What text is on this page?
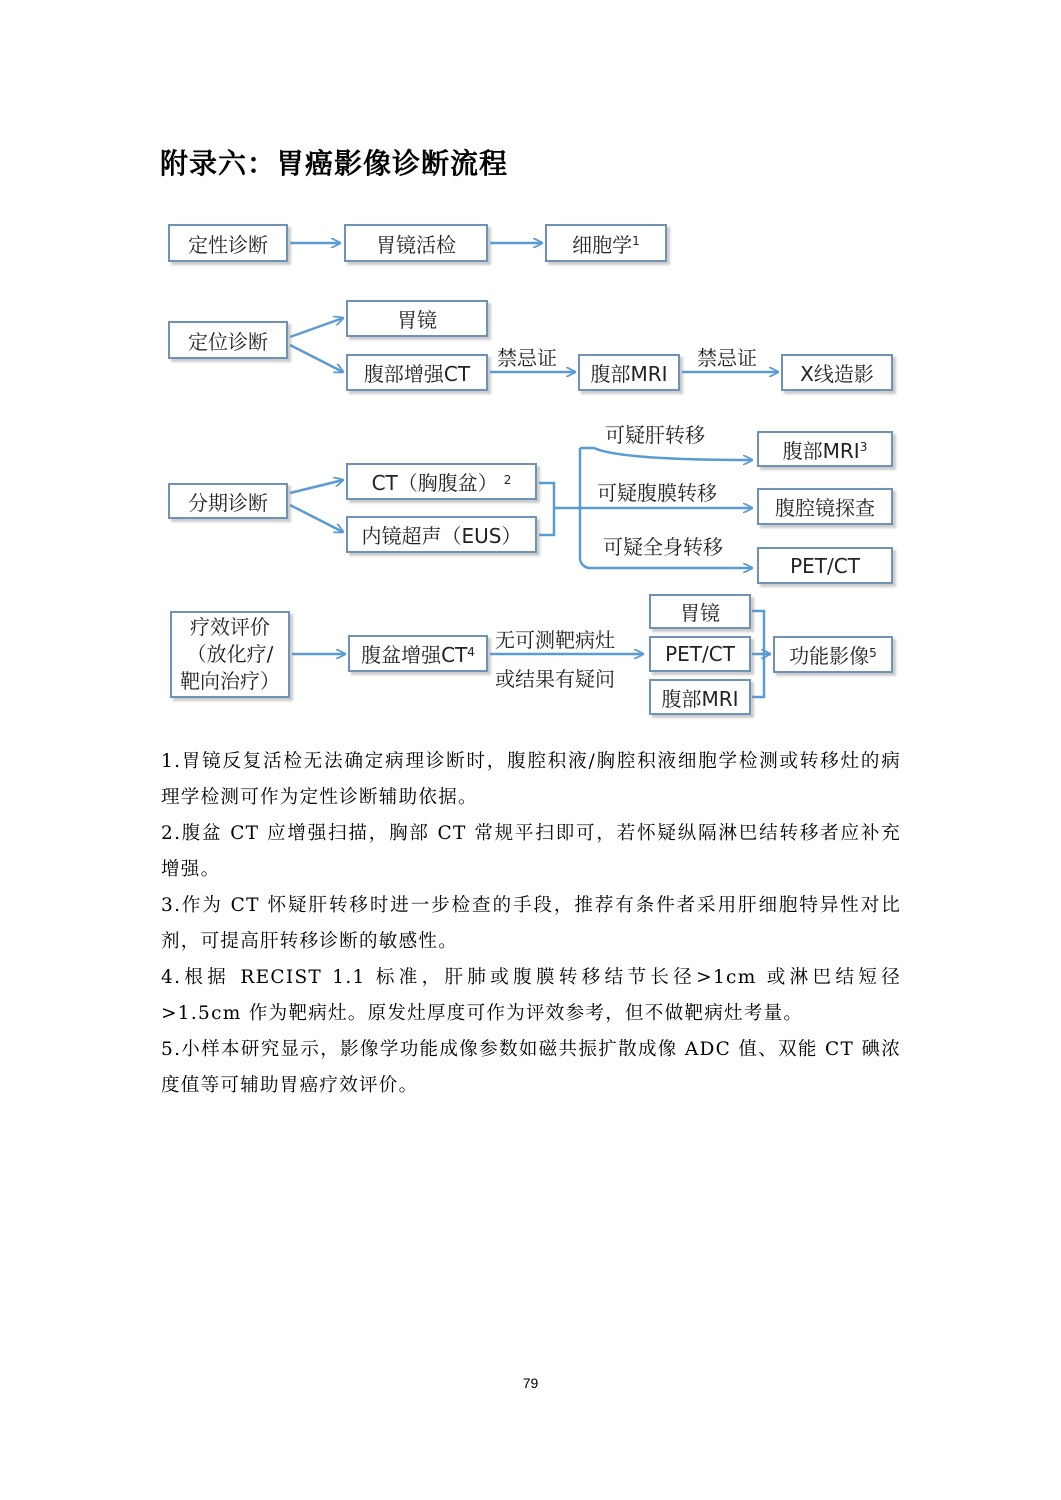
附录六：胃癌影像诊断流程
定性诊断	胃镜活检	细胞学$^1$
定位诊断
胃镜
腹部增强CT
禁忌证
腹部MRI
禁忌证
X线造影
分期诊断
CT（胸腹盆） $^2$
内镜超声（EUS）
可疑肝转移
腹部MRI$^3$
可疑腹膜转移
腹腔镜探查
可疑全身转移
PET/CT
疗效评价
（放化疗/
靶向治疗）
腹盆增强$CT^4$ 无可测靶病灶
或结果有疑问
胃镜
PET/CT
腹部MRI
功能影像$^5$

1.胃镜反复活检无法确定病理诊断时，腹腔积液/胸腔积液细胞学检测或转移灶的病理学检测可作为定性诊断辅助依据。

2.腹盆 CT 应增强扫描，胸部 CT 常规平扫即可，若怀疑纵隔淋巴结转移者应补充增强。

3.作为 CT 怀疑肝转移时进一步检查的手段，推荐有条件者采用肝细胞特异性对比剂，可提高肝转移诊断的敏感性。

4.根据 RECIST 1.1 标准，肝肺或腹膜转移结节长径>1cm 或淋巴结短径>1.5cm 作为靶病灶。原发灶厚度可作为评效参考，但不做靶病灶考量。

5.小样本研究显示，影像学功能成像参数如磁共振扩散成像 ADC 值、双能 CT 碘浓度值等可辅助胃癌疗效评价。

79
